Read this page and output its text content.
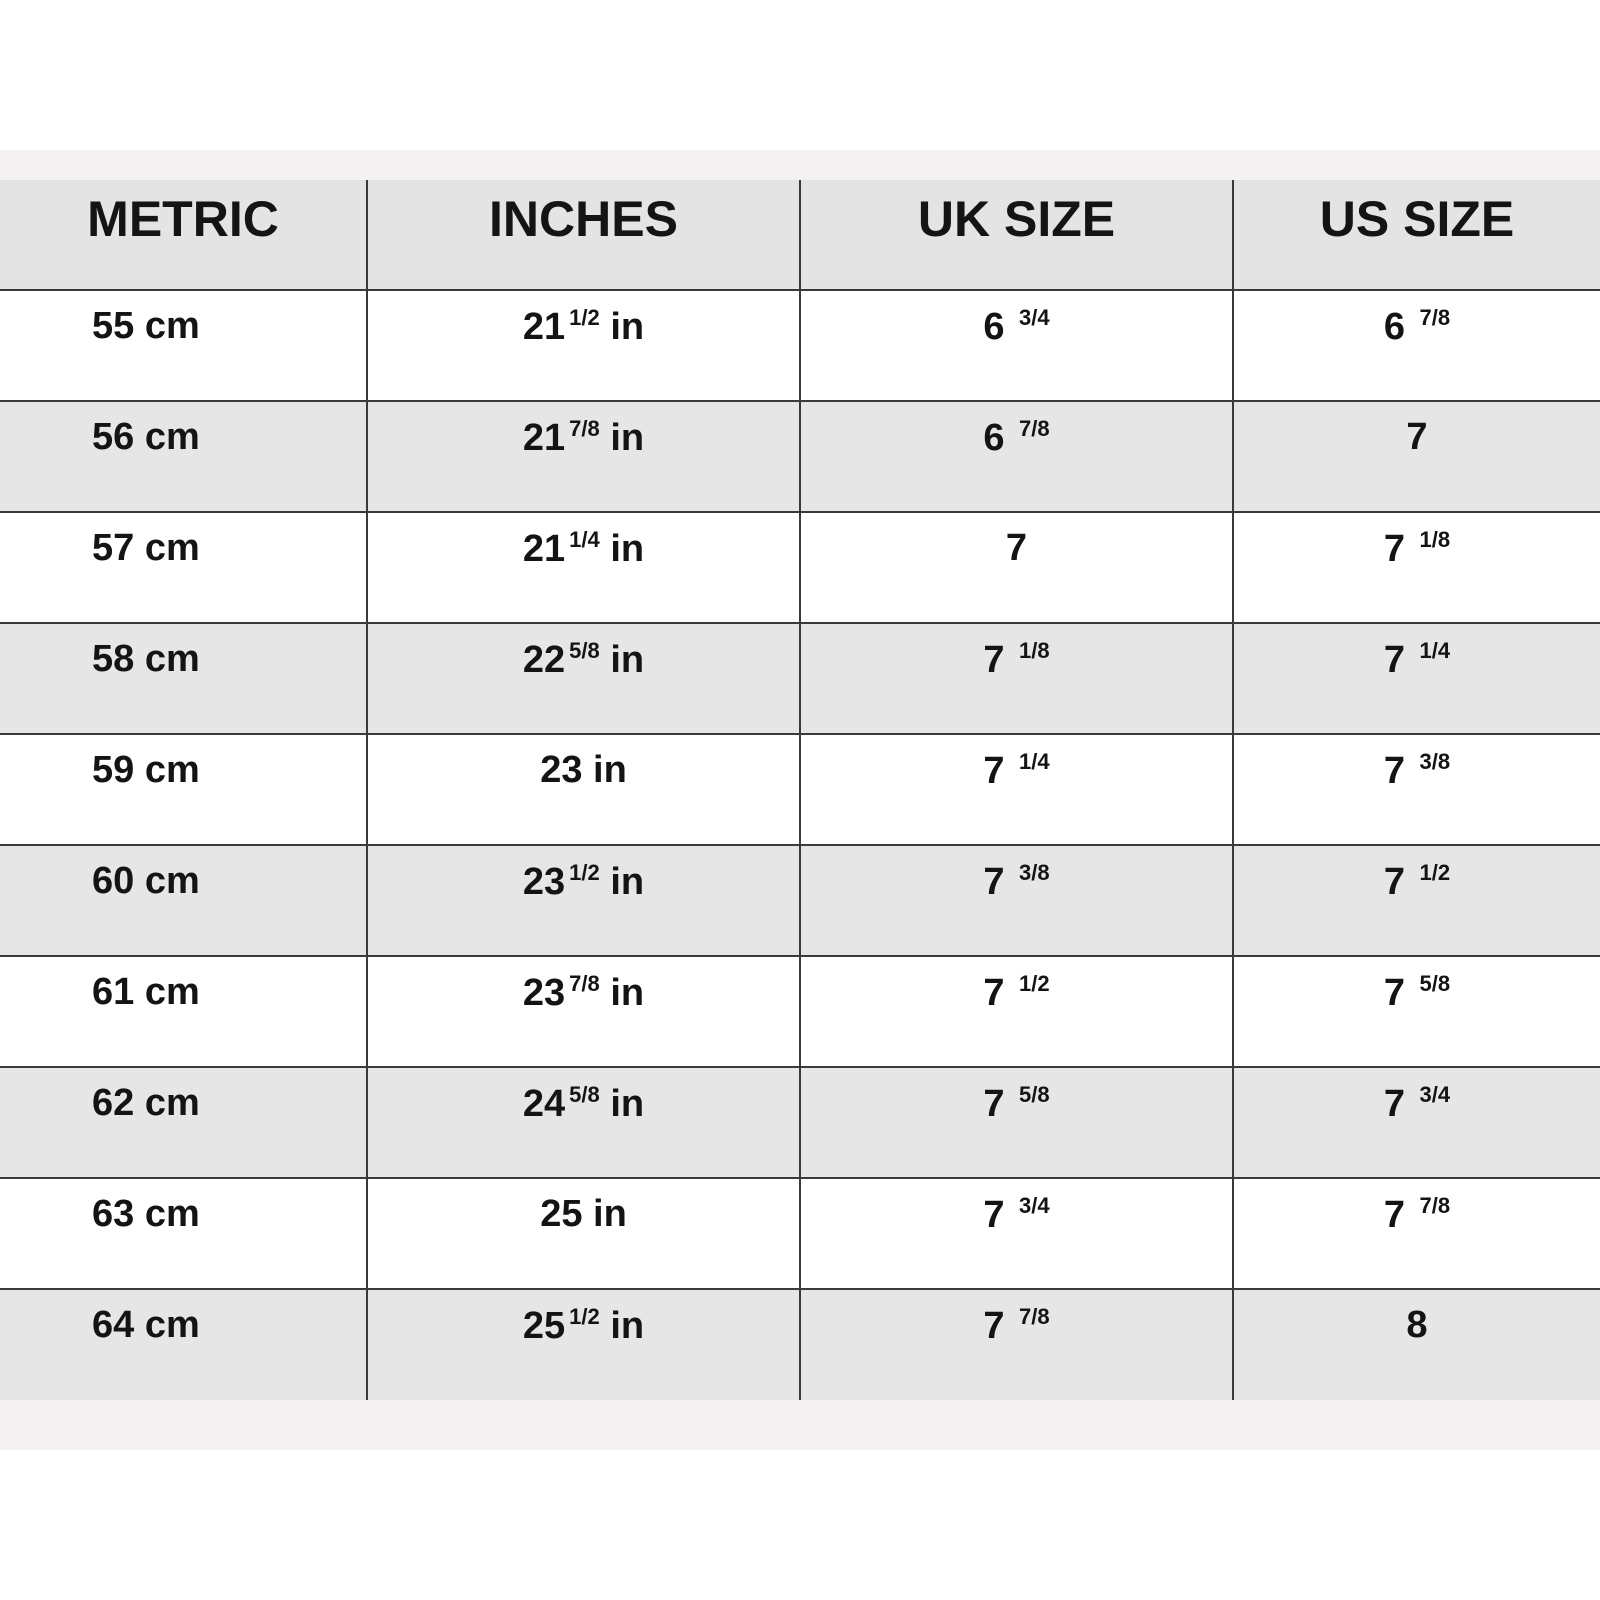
METRIC	INCHES	UK SIZE	US SIZE
55 cm	21 $^{1/2}$ in	6 $^{3/4}$	6 $^{7/8}$
56 cm	21 $^{7/8}$ in	6 $^{7/8}$	7
57 cm	21 $^{1/4}$ in	7	7 $^{1/8}$
58 cm	22 $^{5/8}$ in	7 $^{1/8}$	7 $^{1/4}$
59 cm	23 in	7 $^{1/4}$	7 $^{3/8}$
60 cm	23 $^{1/2}$ in	7 $^{3/8}$	7 $^{1/2}$
61 cm	23 $^{7/8}$ in	7 $^{1/2}$	7 $^{5/8}$
62 cm	24 $^{5/8}$ in	7 $^{5/8}$	7 $^{3/4}$
63 cm	25 in	7 $^{3/4}$	7 $^{7/8}$
64 cm	25 $^{1/2}$ in	7 $^{7/8}$	8
